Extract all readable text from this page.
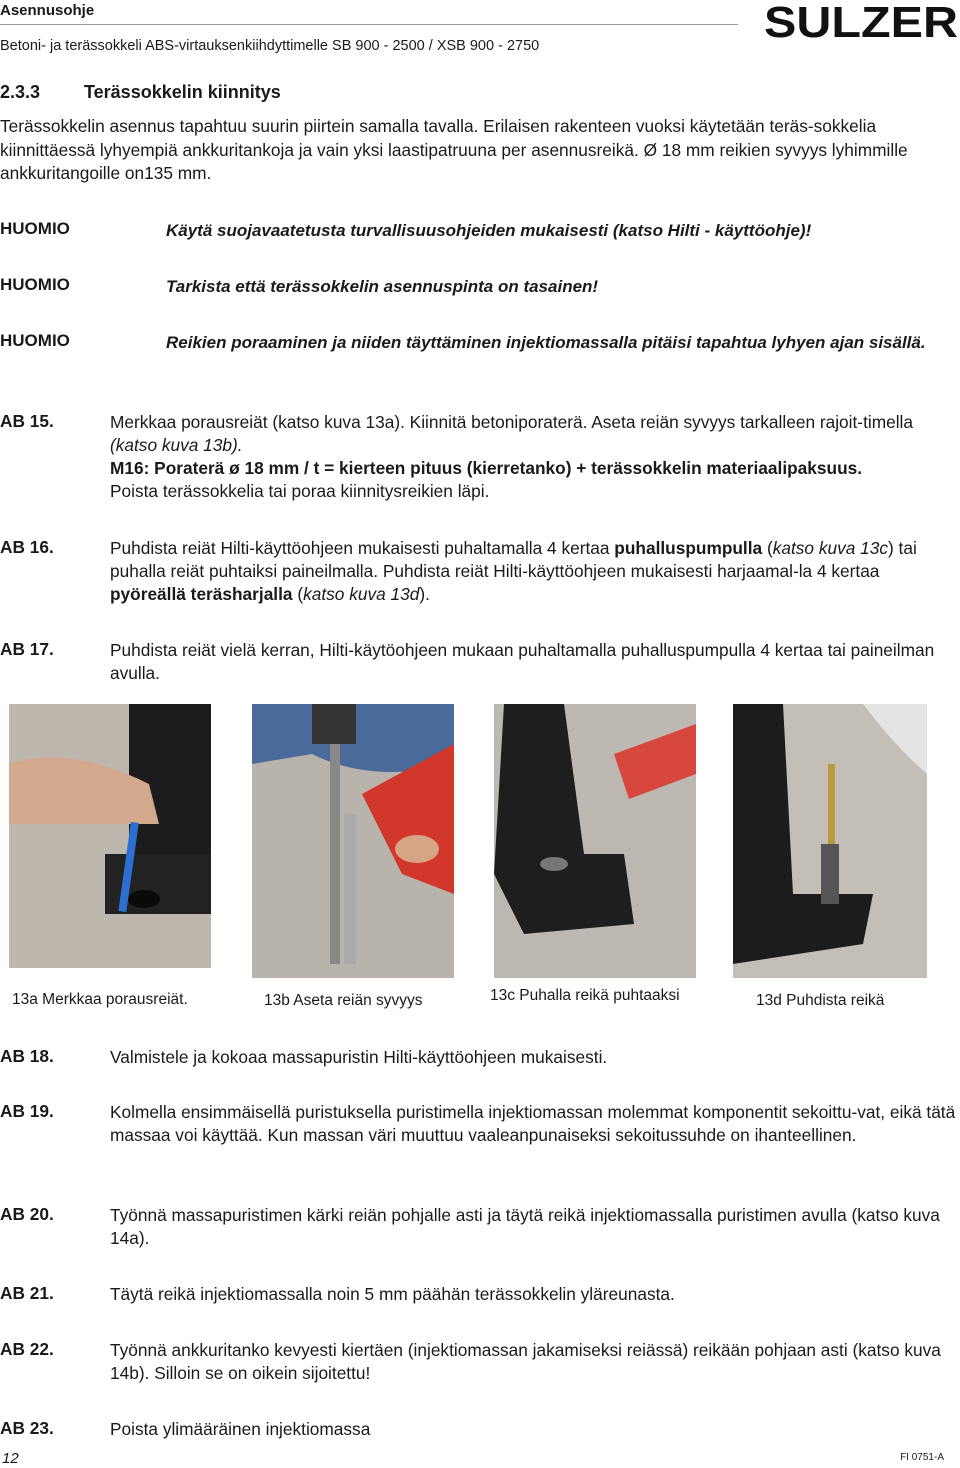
Asennusohje
Betoni- ja terässokkeli ABS-virtauksenkiihdyttimelle SB 900 - 2500 / XSB 900 - 2750	SULZER
2.3.3 Terässokkelin kiinnitys
Terässokkelin asennus tapahtuu suurin piirtein samalla tavalla. Erilaisen rakenteen vuoksi käytetään teräs-sokkelia kiinnittäessä lyhyempiä ankkuritankoja ja vain yksi laastipatruuna per asennusreikä. Ø 18 mm reikien syvyys lyhimmille ankkuritangoille on135 mm.
HUOMIO	Käytä suojavaatetusta turvallisuusohjeiden mukaisesti (katso Hilti - käyttöohje)!
HUOMIO	Tarkista että terässokkelin asennuspinta on tasainen!
HUOMIO	Reikien poraaminen ja niiden täyttäminen injektiomassalla pitäisi tapahtua lyhyen ajan sisällä.
AB 15.	Merkkaa porausreiät (katso kuva 13a). Kiinnitä betoniporaterä. Aseta reiän syvyys tarkalleen rajoit-timella (katso kuva 13b).
M16: Poraterä ø 18 mm / t = kierteen pituus (kierretanko) + terässokkelin materiaalipaksuus.
Poista terässokkelia tai poraa kiinnitysreikien läpi.
AB 16.	Puhdista reiät Hilti-käyttöohjeen mukaisesti puhaltamalla 4 kertaa puhalluspumpulla (katso kuva 13c) tai puhalla reiät puhtaiksi paineilmalla. Puhdista reiät Hilti-käyttöohjeen mukaisesti harjaamal-la 4 kertaa pyöreällä teräsharjalla (katso kuva 13d).
AB 17.	Puhdista reiät vielä kerran, Hilti-käytöohjeen mukaan puhaltamalla puhalluspumpulla 4 kertaa tai paineilman avulla.
13a Merkkaa porausreiät.	13b Aseta reiän syvyys	13c Puhalla reikä puhtaaksi	13d Puhdista reikä
AB 18.	Valmistele ja kokoaa massapuristin Hilti-käyttöohjeen mukaisesti.
AB 19.	Kolmella ensimmäisellä puristuksella puristimella injektiomassan molemmat komponentit sekoittu-vat, eikä tätä massaa voi käyttää. Kun massan väri muuttuu vaaleanpunaiseksi sekoitussuhde on ihanteellinen.
AB 20.	Työnnä massapuristimen kärki reiän pohjalle asti ja täytä reikä injektiomassalla puristimen avulla (katso kuva 14a).
AB 21.	Täytä reikä injektiomassalla noin 5 mm päähän terässokkelin yläreunasta.
AB 22.	Työnnä ankkuritanko kevyesti kiertäen (injektiomassan jakamiseksi reiässä) reikään pohjaan asti (katso kuva 14b). Silloin se on oikein sijoitettu!
AB 23.	Poista ylimääräinen injektiomassa
12	FI 0751-A
